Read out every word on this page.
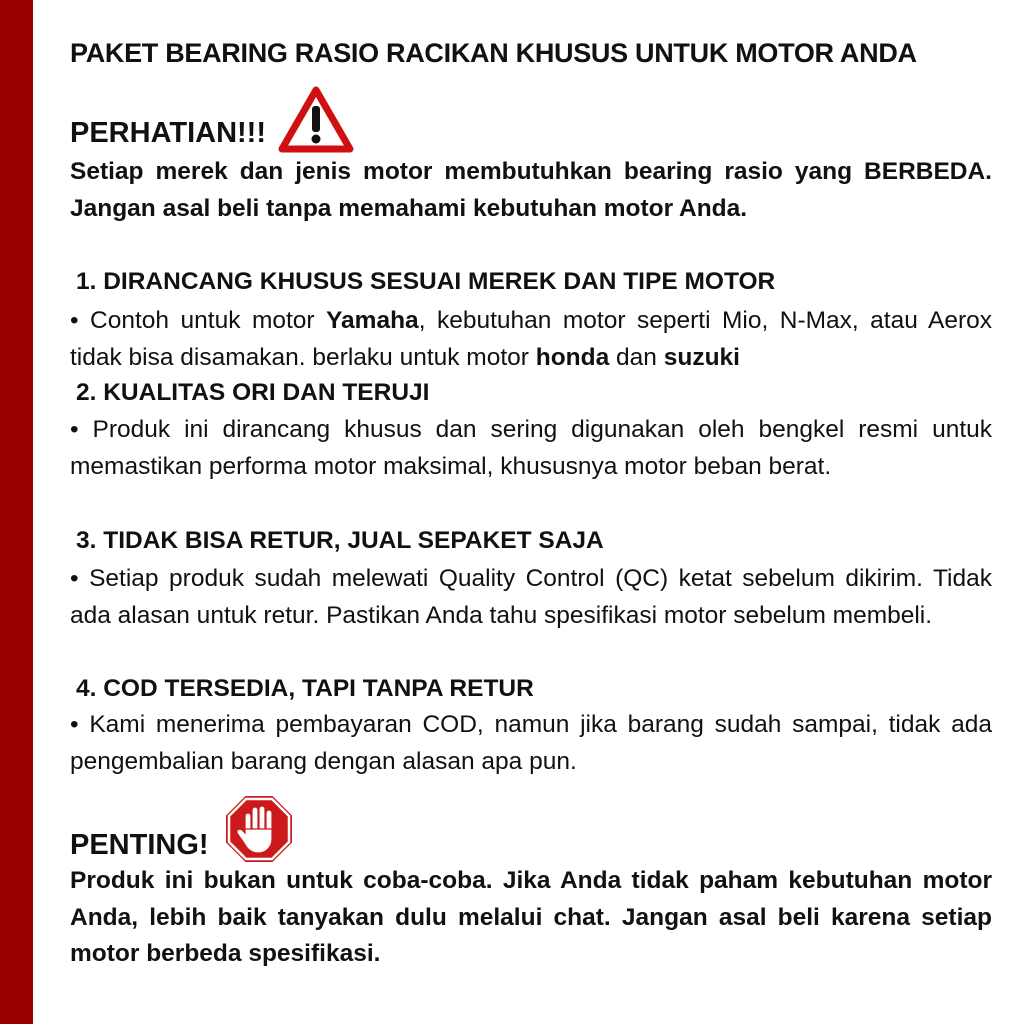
PAKET BEARING RASIO RACIKAN KHUSUS UNTUK MOTOR ANDA
PERHATIAN!!!
Setiap merek dan jenis motor membutuhkan bearing rasio yang BERBEDA. Jangan asal beli tanpa memahami kebutuhan motor Anda.
1. DIRANCANG KHUSUS SESUAI MEREK DAN TIPE MOTOR
• Contoh untuk motor Yamaha, kebutuhan motor seperti Mio, N-Max, atau Aerox tidak bisa disamakan. berlaku untuk motor honda dan suzuki
2. KUALITAS ORI DAN TERUJI
• Produk ini dirancang khusus dan sering digunakan oleh bengkel resmi untuk memastikan performa motor maksimal, khususnya motor beban berat.
3. TIDAK BISA RETUR, JUAL SEPAKET SAJA
• Setiap produk sudah melewati Quality Control (QC) ketat sebelum dikirim. Tidak ada alasan untuk retur. Pastikan Anda tahu spesifikasi motor sebelum membeli.
4. COD TERSEDIA, TAPI TANPA RETUR
• Kami menerima pembayaran COD, namun jika barang sudah sampai, tidak ada pengembalian barang dengan alasan apa pun.
PENTING!
Produk ini bukan untuk coba-coba. Jika Anda tidak paham kebutuhan motor Anda, lebih baik tanyakan dulu melalui chat. Jangan asal beli karena setiap motor berbeda spesifikasi.
